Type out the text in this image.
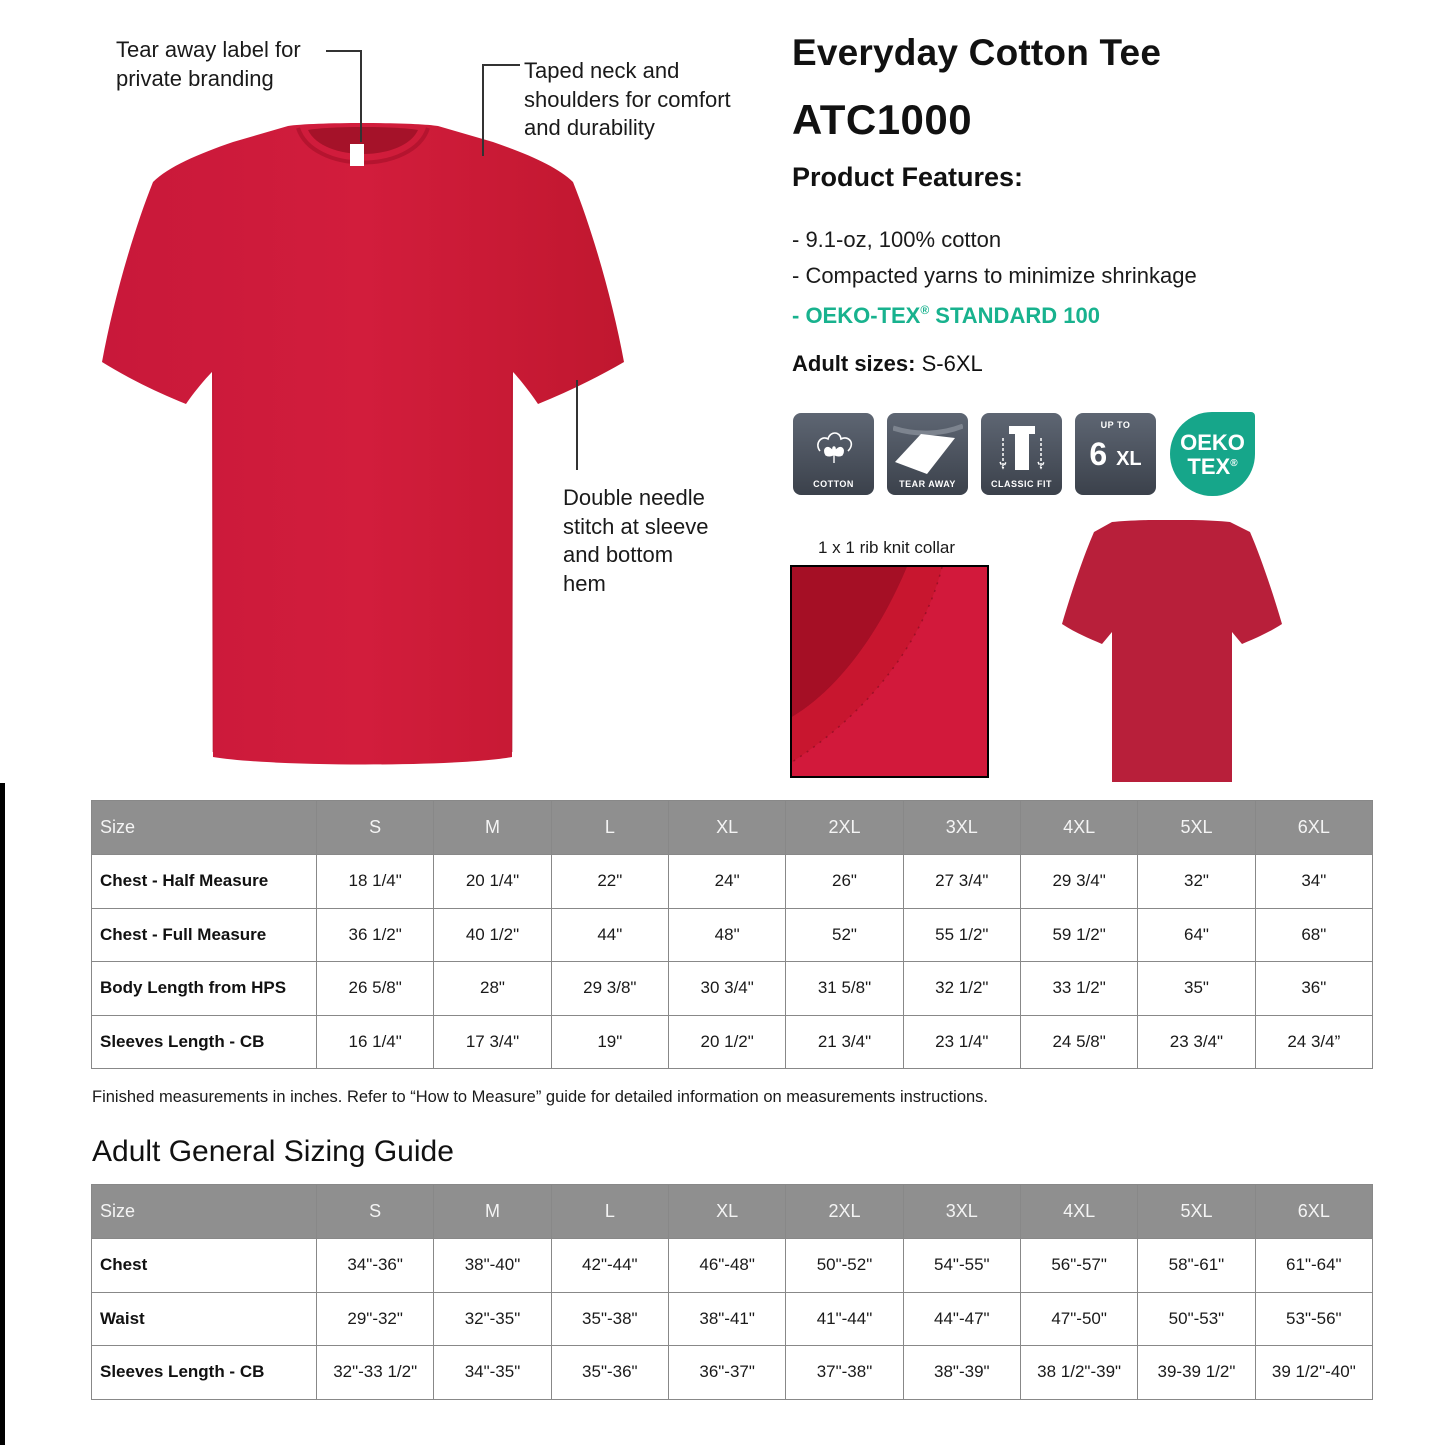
Tear away label for
private branding	Taped neck and
shoulders for comfort
and durability
Double needle
stitch at sleeve
and bottom
hem
Everyday Cotton Tee
ATC1000
Product Features:
- 9.1-oz, 100% cotton
- Compacted yarns to minimize shrinkage
- OEKO-TEX® STANDARD 100
Adult sizes: S-6XL
COTTON	TEAR AWAY	CLASSIC FIT
UP TO
6 XL
OEKO
TEX®
1 x 1 rib knit collar
Size	S	M	L	XL	2XL	3XL	4XL	5XL	6XL
Chest - Half Measure	18 1/4"	20 1/4"	22"	24"	26"	27 3/4"	29 3/4"	32"	34"
Chest - Full Measure	36 1/2"	40 1/2"	44"	48"	52"	55 1/2"	59 1/2"	64"	68"
Body Length from HPS	26 5/8"	28"	29 3/8"	30 3/4"	31 5/8"	32 1/2"	33 1/2"	35"	36"
Sleeves Length - CB	16 1/4"	17 3/4"	19"	20 1/2"	21 3/4"	23 1/4"	24 5/8"	23 3/4"	24 3/4”
Finished measurements in inches. Refer to “How to Measure” guide for detailed information on measurements instructions.
Adult General Sizing Guide
Size	S	M	L	XL	2XL	3XL	4XL	5XL	6XL
Chest	34"-36"	38"-40"	42"-44"	46"-48"	50"-52"	54"-55"	56"-57"	58"-61"	61"-64"
Waist	29"-32"	32"-35"	35"-38"	38"-41"	41"-44"	44"-47"	47"-50"	50"-53"	53"-56"
Sleeves Length - CB	32"-33 1/2"	34"-35"	35"-36"	36"-37"	37"-38"	38"-39"	38 1/2"-39"	39-39 1/2"	39 1/2"-40"
